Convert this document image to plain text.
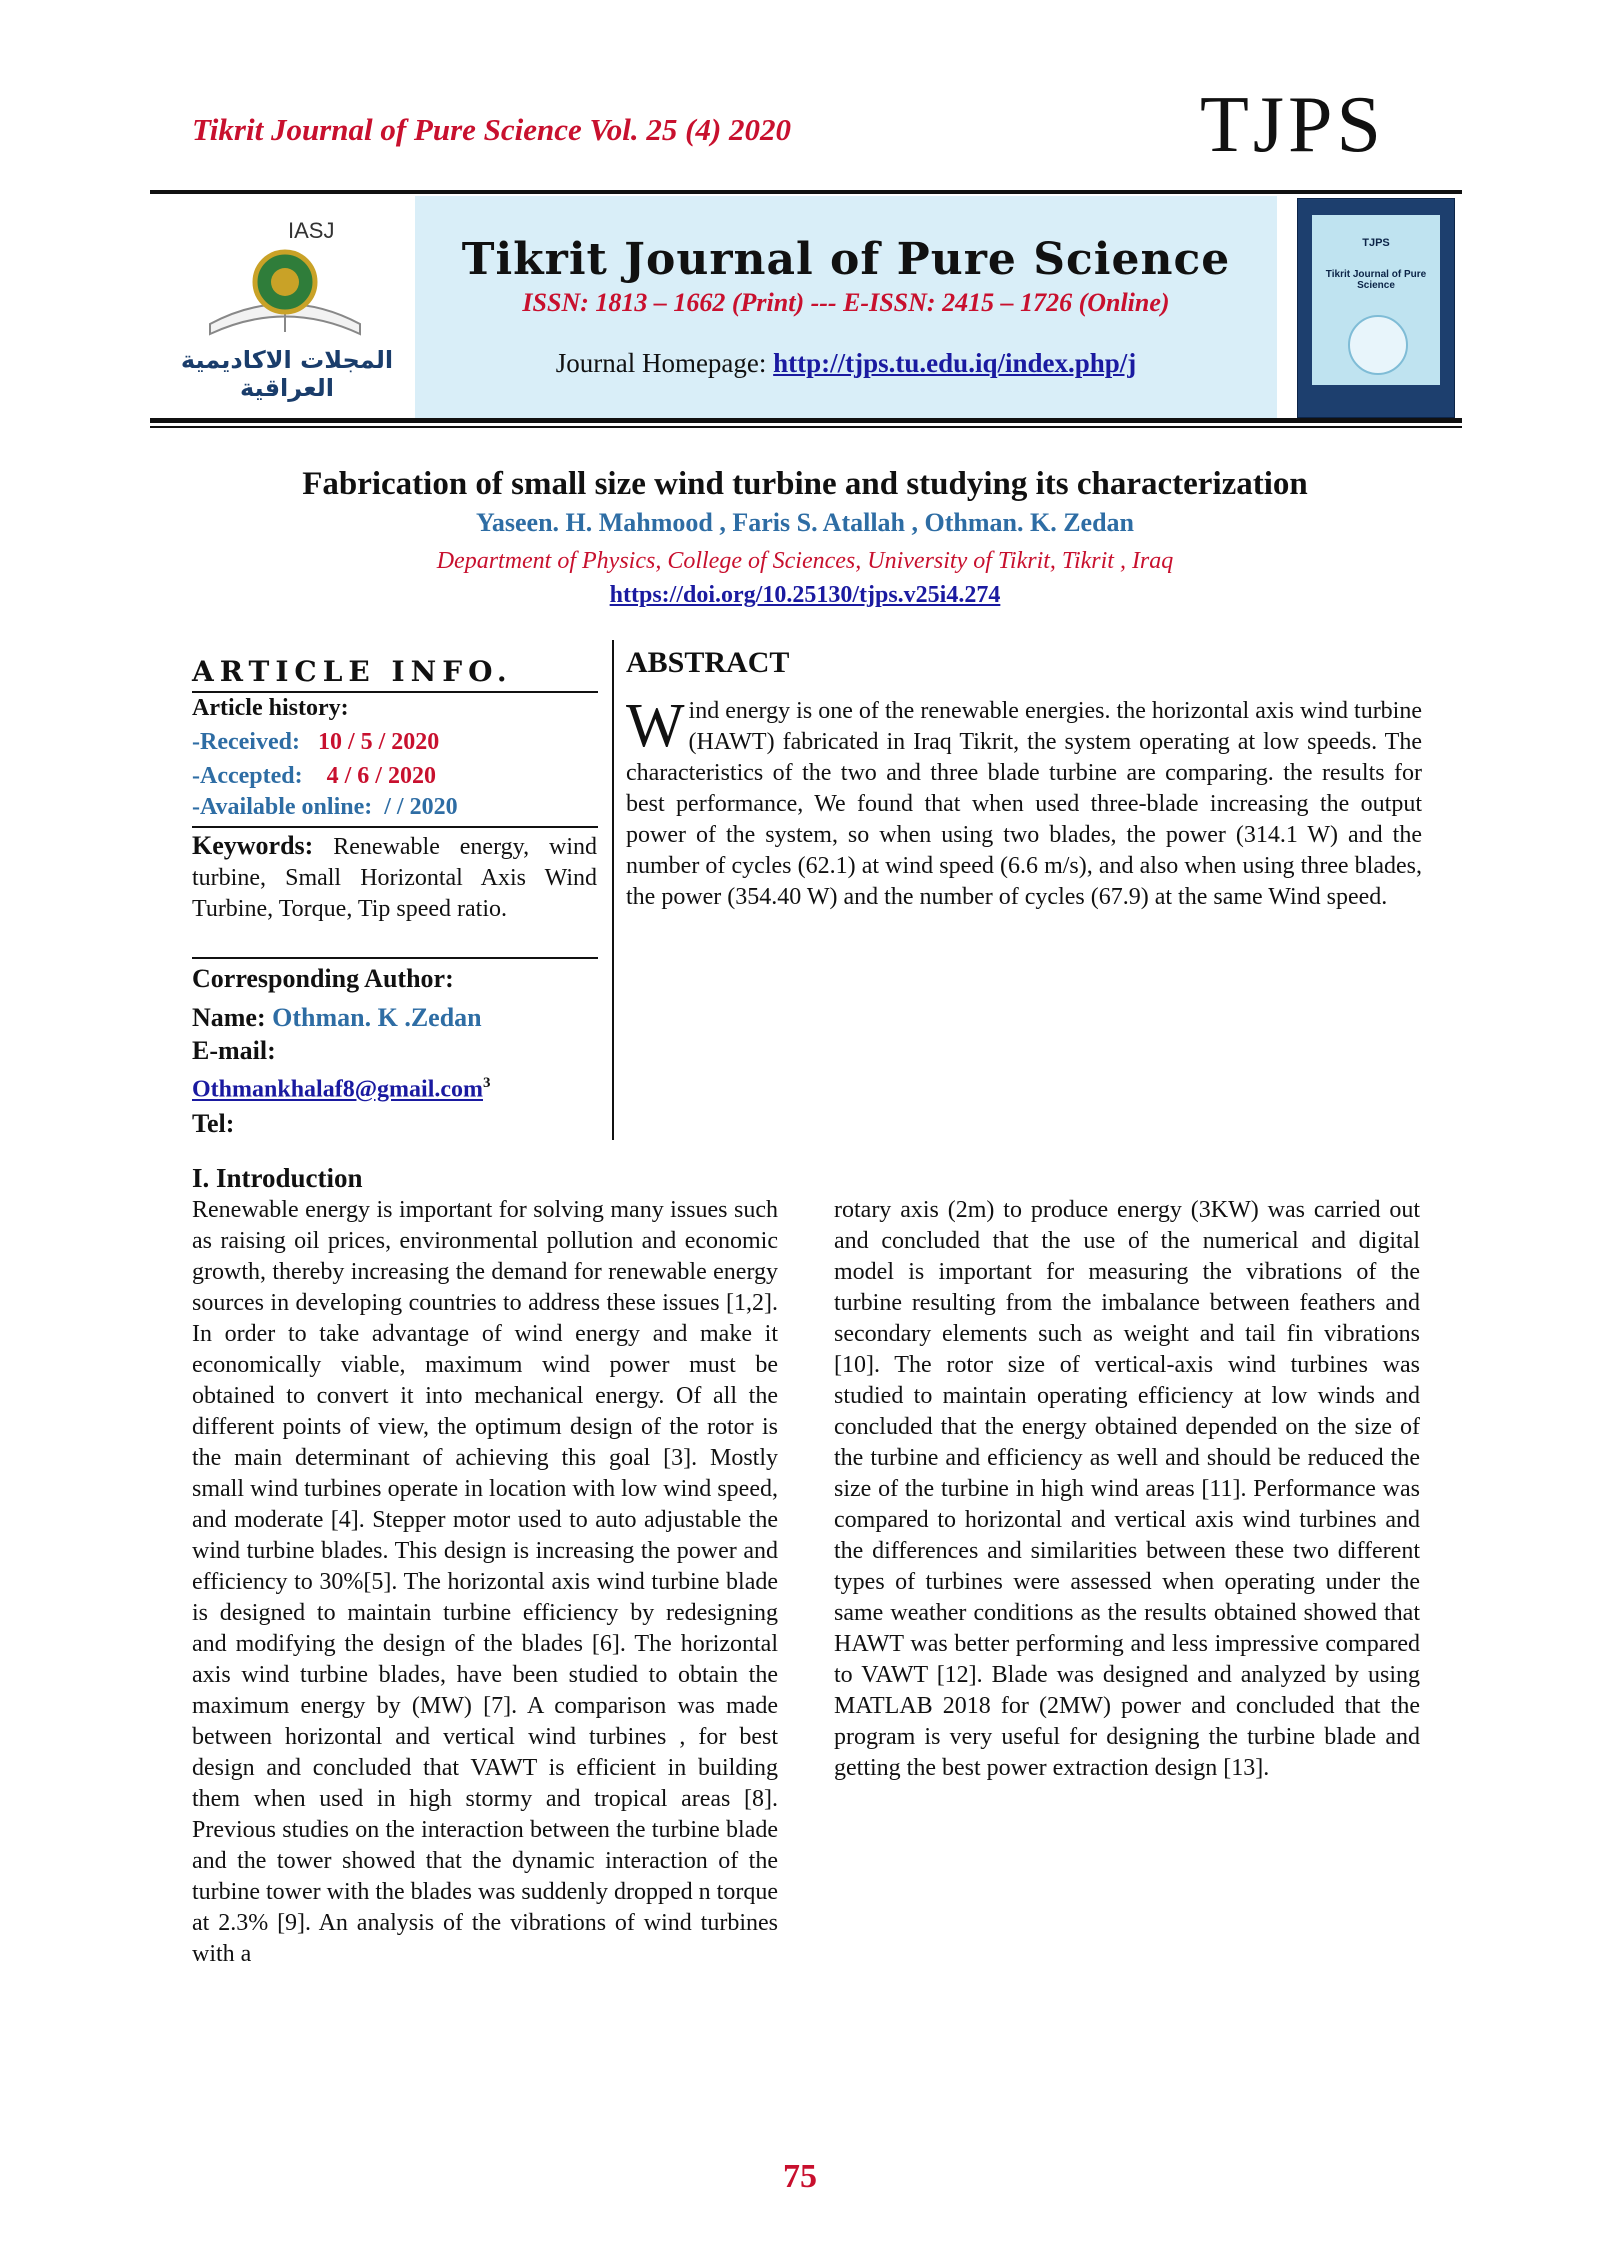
Tikrit Journal of Pure Science Vol. 25 (4) 2020	TJPS
IASJ
المجلات الاكاديمية العراقية
Tikrit Journal of Pure Science
ISSN: 1813 – 1662 (Print) --- E-ISSN: 2415 – 1726 (Online)
Journal Homepage: http://tjps.tu.edu.iq/index.php/j
TJPS
Tikrit Journal of Pure Science
Fabrication of small size wind turbine and studying its characterization
Yaseen. H. Mahmood , Faris S. Atallah , Othman. K. Zedan
Department of Physics, College of Sciences, University of Tikrit, Tikrit , Iraq
https://doi.org/10.25130/tjps.v25i4.274
ARTICLE INFO.
Article history:
-Received: 10 / 5 / 2020
-Accepted: 4 / 6 / 2020
-Available online:  / / 2020
Keywords: Renewable energy, wind turbine, Small Horizontal Axis Wind Turbine, Torque, Tip speed ratio.
Corresponding Author:
Name: Othman. K .Zedan
E-mail:
Othmankhalaf8@gmail.com$^3$
Tel:
ABSTRACT
W ind energy is one of the renewable energies. the horizontal axis wind turbine (HAWT) fabricated in Iraq Tikrit, the system operating at low speeds. The characteristics of the two and three blade turbine are comparing. the results for best performance, We found that when used three-blade increasing the output power of the system, so when using two blades, the power (314.1 W) and the number of cycles (62.1) at wind speed (6.6 m/s), and also when using three blades, the power (354.40 W) and the number of cycles (67.9) at the same Wind speed.
I. Introduction
Renewable energy is important for solving many issues such as raising oil prices, environmental pollution and economic growth, thereby increasing the demand for renewable energy sources in developing countries to address these issues [1,2]. In order to take advantage of wind energy and make it economically viable, maximum wind power must be obtained to convert it into mechanical energy. Of all the different points of view, the optimum design of the rotor is the main determinant of achieving this goal [3]. Mostly small wind turbines operate in location with low wind speed, and moderate [4]. Stepper motor used to auto adjustable the wind turbine blades. This design is increasing the power and efficiency to 30%[5]. The horizontal axis wind turbine blade is designed to maintain turbine efficiency by redesigning and modifying the design of the blades [6]. The horizontal axis wind turbine blades, have been studied to obtain the maximum energy by (MW) [7]. A comparison was made between horizontal and vertical wind turbines , for best design and concluded that VAWT is efficient in building them when used in high stormy and tropical areas [8]. Previous studies on the interaction between the turbine blade and the tower showed that the dynamic interaction of the turbine tower with the blades was suddenly dropped n torque at 2.3% [9]. An analysis of the vibrations of wind turbines with a
rotary axis (2m) to produce energy (3KW) was carried out and concluded that the use of the numerical and digital model is important for measuring the vibrations of the turbine resulting from the imbalance between feathers and secondary elements such as weight and tail fin vibrations [10]. The rotor size of vertical-axis wind turbines was studied to maintain operating efficiency at low winds and concluded that the energy obtained depended on the size of the turbine and efficiency as well and should be reduced the size of the turbine in high wind areas [11]. Performance was compared to horizontal and vertical axis wind turbines and the differences and similarities between these two different types of turbines were assessed when operating under the same weather conditions as the results obtained showed that HAWT was better performing and less impressive compared to VAWT [12]. Blade was designed and analyzed by using MATLAB 2018 for (2MW) power and concluded that the program is very useful for designing the turbine blade and getting the best power extraction design [13].
75
